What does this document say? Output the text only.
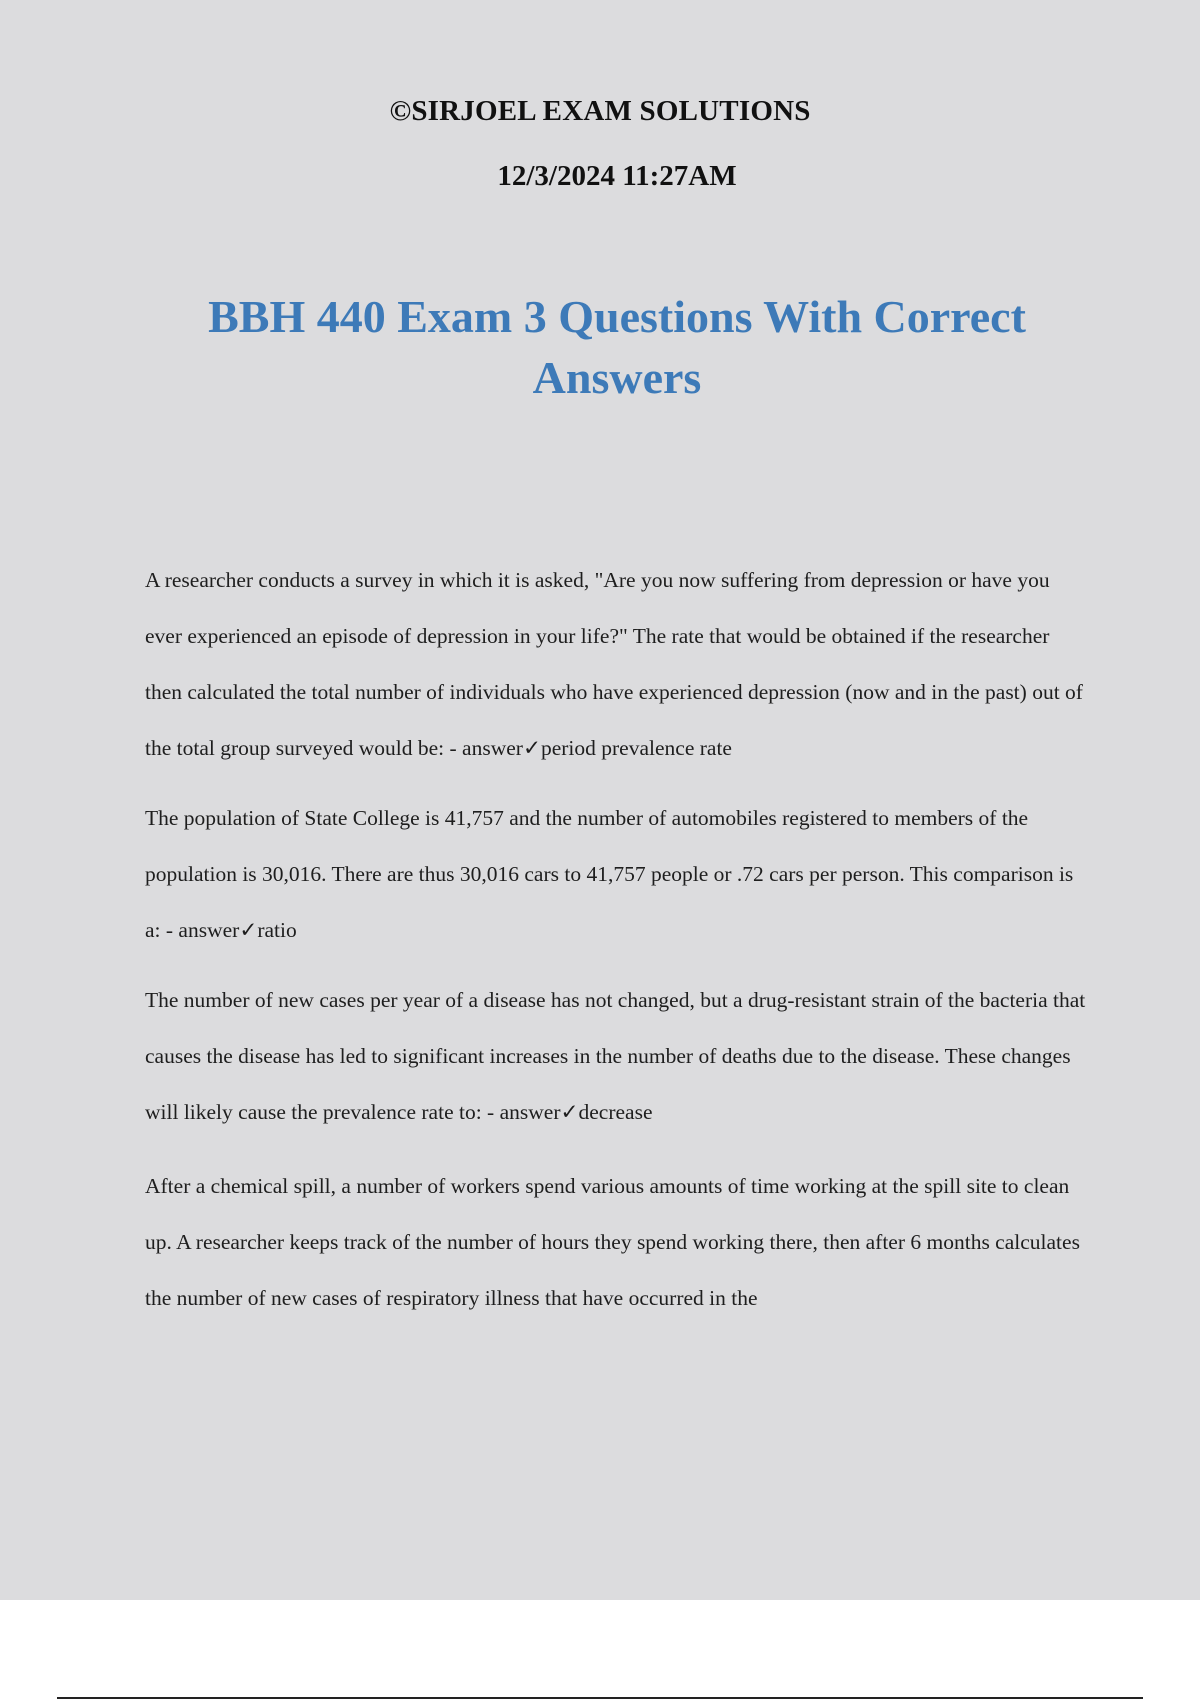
©SIRJOEL EXAM SOLUTIONS
12/3/2024 11:27AM
BBH 440 Exam 3 Questions With Correct Answers

A researcher conducts a survey in which it is asked, "Are you now suffering from depression or have you ever experienced an episode of depression in your life?" The rate that would be obtained if the researcher then calculated the total number of individuals who have experienced depression (now and in the past) out of the total group surveyed would be: - answer✓period prevalence rate

The population of State College is 41,757 and the number of automobiles registered to members of the population is 30,016. There are thus 30,016 cars to 41,757 people or .72 cars per person. This comparison is a: - answer✓ratio

The number of new cases per year of a disease has not changed, but a drug-resistant strain of the bacteria that causes the disease has led to significant increases in the number of deaths due to the disease. These changes will likely cause the prevalence rate to: - answer✓decrease

After a chemical spill, a number of workers spend various amounts of time working at the spill site to clean up. A researcher keeps track of the number of hours they spend working there, then after 6 months calculates the number of new cases of respiratory illness that have occurred in the
